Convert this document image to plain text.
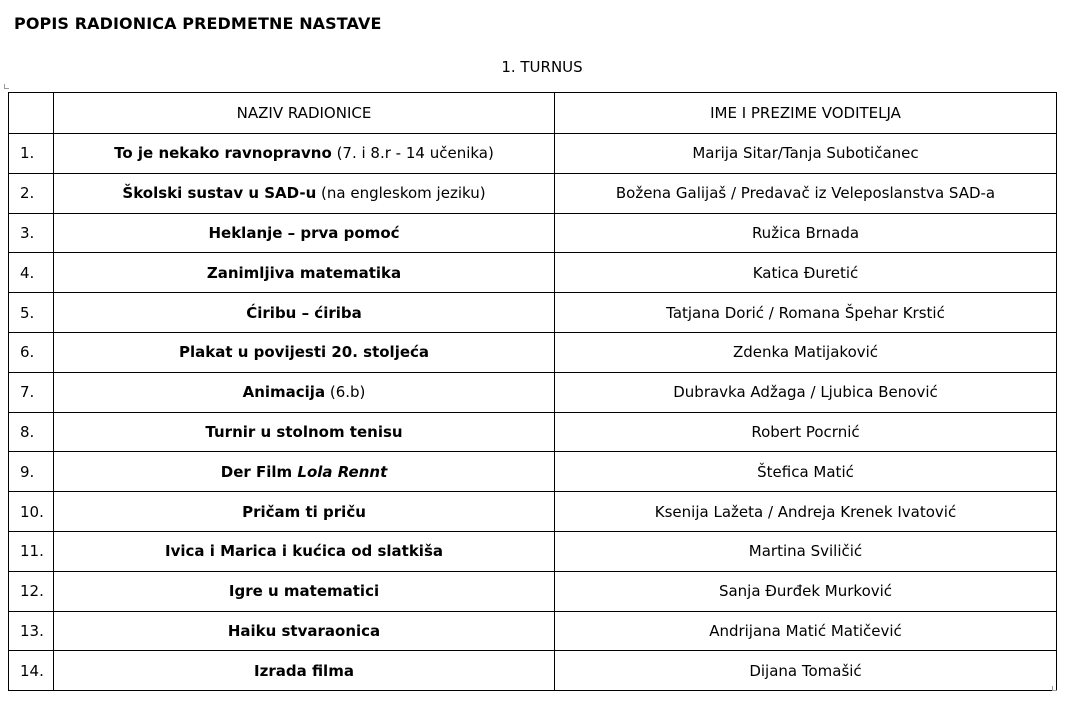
POPIS RADIONICA PREDMETNE NASTAVE
1. TURNUS
	NAZIV RADIONICE	IME I PREZIME VODITELJA
1.	To je nekako ravnopravno (7. i 8.r - 14 učenika)	Marija Sitar/Tanja Subotičanec
2.	Školski sustav u SAD-u (na engleskom jeziku)	Božena Galijaš / Predavač iz Veleposlanstva SAD-a
3.	Heklanje – prva pomoć	Ružica Brnada
4.	Zanimljiva matematika	Katica Đuretić
5.	Ćiribu – ćiriba	Tatjana Dorić / Romana Špehar Krstić
6.	Plakat u povijesti 20. stoljeća	Zdenka Matijaković
7.	Animacija (6.b)	Dubravka Adžaga / Ljubica Benović
8.	Turnir u stolnom tenisu	Robert Pocrnić
9.	Der Film Lola Rennt	Štefica Matić
10.	Pričam ti priču	Ksenija Lažeta / Andreja Krenek Ivatović
11.	Ivica i Marica i kućica od slatkiša	Martina Sviličić
12.	Igre u matematici	Sanja Đurđek Murković
13.	Haiku stvaraonica	Andrijana Matić Matičević
14.	Izrada filma	Dijana Tomašić
